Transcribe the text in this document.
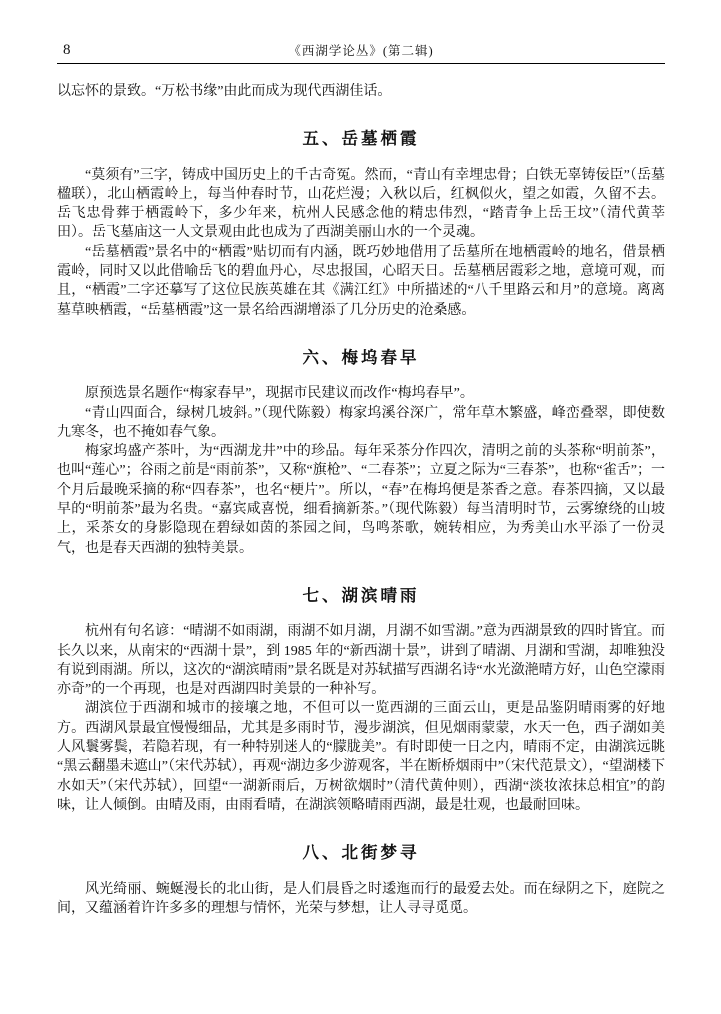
8	《西湖学论丛》(第二辑)

以忘怀的景致。“万松书缘”由此而成为现代西湖佳话。

五、岳墓栖霞

“莫须有”三字，铸成中国历史上的千古奇冤。然而，“青山有幸埋忠骨；白铁无辜铸佞臣”（岳墓楹联），北山栖霞岭上，每当仲春时节，山花烂漫；入秋以后，红枫似火，望之如霞，久留不去。岳飞忠骨葬于栖霞岭下，多少年来，杭州人民感念他的精忠伟烈，“踏青争上岳王坟”（清代黄莘田）。岳飞墓庙这一人文景观由此也成为了西湖美丽山水的一个灵魂。

“岳墓栖霞”景名中的“栖霞”贴切而有内涵，既巧妙地借用了岳墓所在地栖霞岭的地名，借景栖霞岭，同时又以此借喻岳飞的碧血丹心，尽忠报国，心昭天日。岳墓栖居霞彩之地，意境可观，而且，“栖霞”二字还摹写了这位民族英雄在其《满江红》中所描述的“八千里路云和月”的意境。离离墓草映栖霞，“岳墓栖霞”这一景名给西湖增添了几分历史的沧桑感。

六、梅坞春早

原预选景名题作“梅家春早”，现据市民建议而改作“梅坞春早”。

“青山四面合，绿树几坡斜。”（现代陈毅）梅家坞溪谷深广，常年草木繁盛，峰峦叠翠，即使数九寒冬，也不掩如春气象。

梅家坞盛产茶叶，为“西湖龙井”中的珍品。每年采茶分作四次，清明之前的头茶称“明前茶”，也叫“莲心”；谷雨之前是“雨前茶”，又称“旗枪”、“二春茶”；立夏之际为“三春茶”，也称“雀舌”；一个月后最晚采摘的称“四春茶”，也名“梗片”。所以，“春”在梅坞便是茶香之意。春茶四摘，又以最早的“明前茶”最为名贵。“嘉宾咸喜悦，细看摘新茶。”（现代陈毅）每当清明时节，云雾缭绕的山坡上，采茶女的身影隐现在碧绿如茵的茶园之间，鸟鸣茶歌，婉转相应，为秀美山水平添了一份灵气，也是春天西湖的独特美景。

七、湖滨晴雨

杭州有句名谚：“晴湖不如雨湖，雨湖不如月湖，月湖不如雪湖。”意为西湖景致的四时皆宜。而长久以来，从南宋的“西湖十景”，到 1985 年的“新西湖十景”，讲到了晴湖、月湖和雪湖，却唯独没有说到雨湖。所以，这次的“湖滨晴雨”景名既是对苏轼描写西湖名诗“水光潋滟晴方好，山色空濛雨亦奇”的一个再现，也是对西湖四时美景的一种补写。

湖滨位于西湖和城市的接壤之地，不但可以一览西湖的三面云山，更是品鉴阴晴雨雾的好地方。西湖风景最宜慢慢细品，尤其是多雨时节，漫步湖滨，但见烟雨蒙蒙，水天一色，西子湖如美人风鬟雾鬓，若隐若现，有一种特别迷人的“朦胧美”。有时即使一日之内，晴雨不定，由湖滨远眺“黑云翻墨未遮山”（宋代苏轼），再观“湖边多少游观客，半在断桥烟雨中”（宋代范景文），“望湖楼下水如天”（宋代苏轼），回望“一湖新雨后，万树欲烟时”（清代黄仲则），西湖“淡妆浓抹总相宜”的韵味，让人倾倒。由晴及雨，由雨看晴，在湖滨领略晴雨西湖，最是壮观，也最耐回味。

八、北街梦寻

风光绮丽、蜿蜒漫长的北山街，是人们晨昏之时逶迤而行的最爱去处。而在绿阴之下，庭院之间，又蕴涵着许许多多的理想与情怀，光荣与梦想，让人寻寻觅觅。
